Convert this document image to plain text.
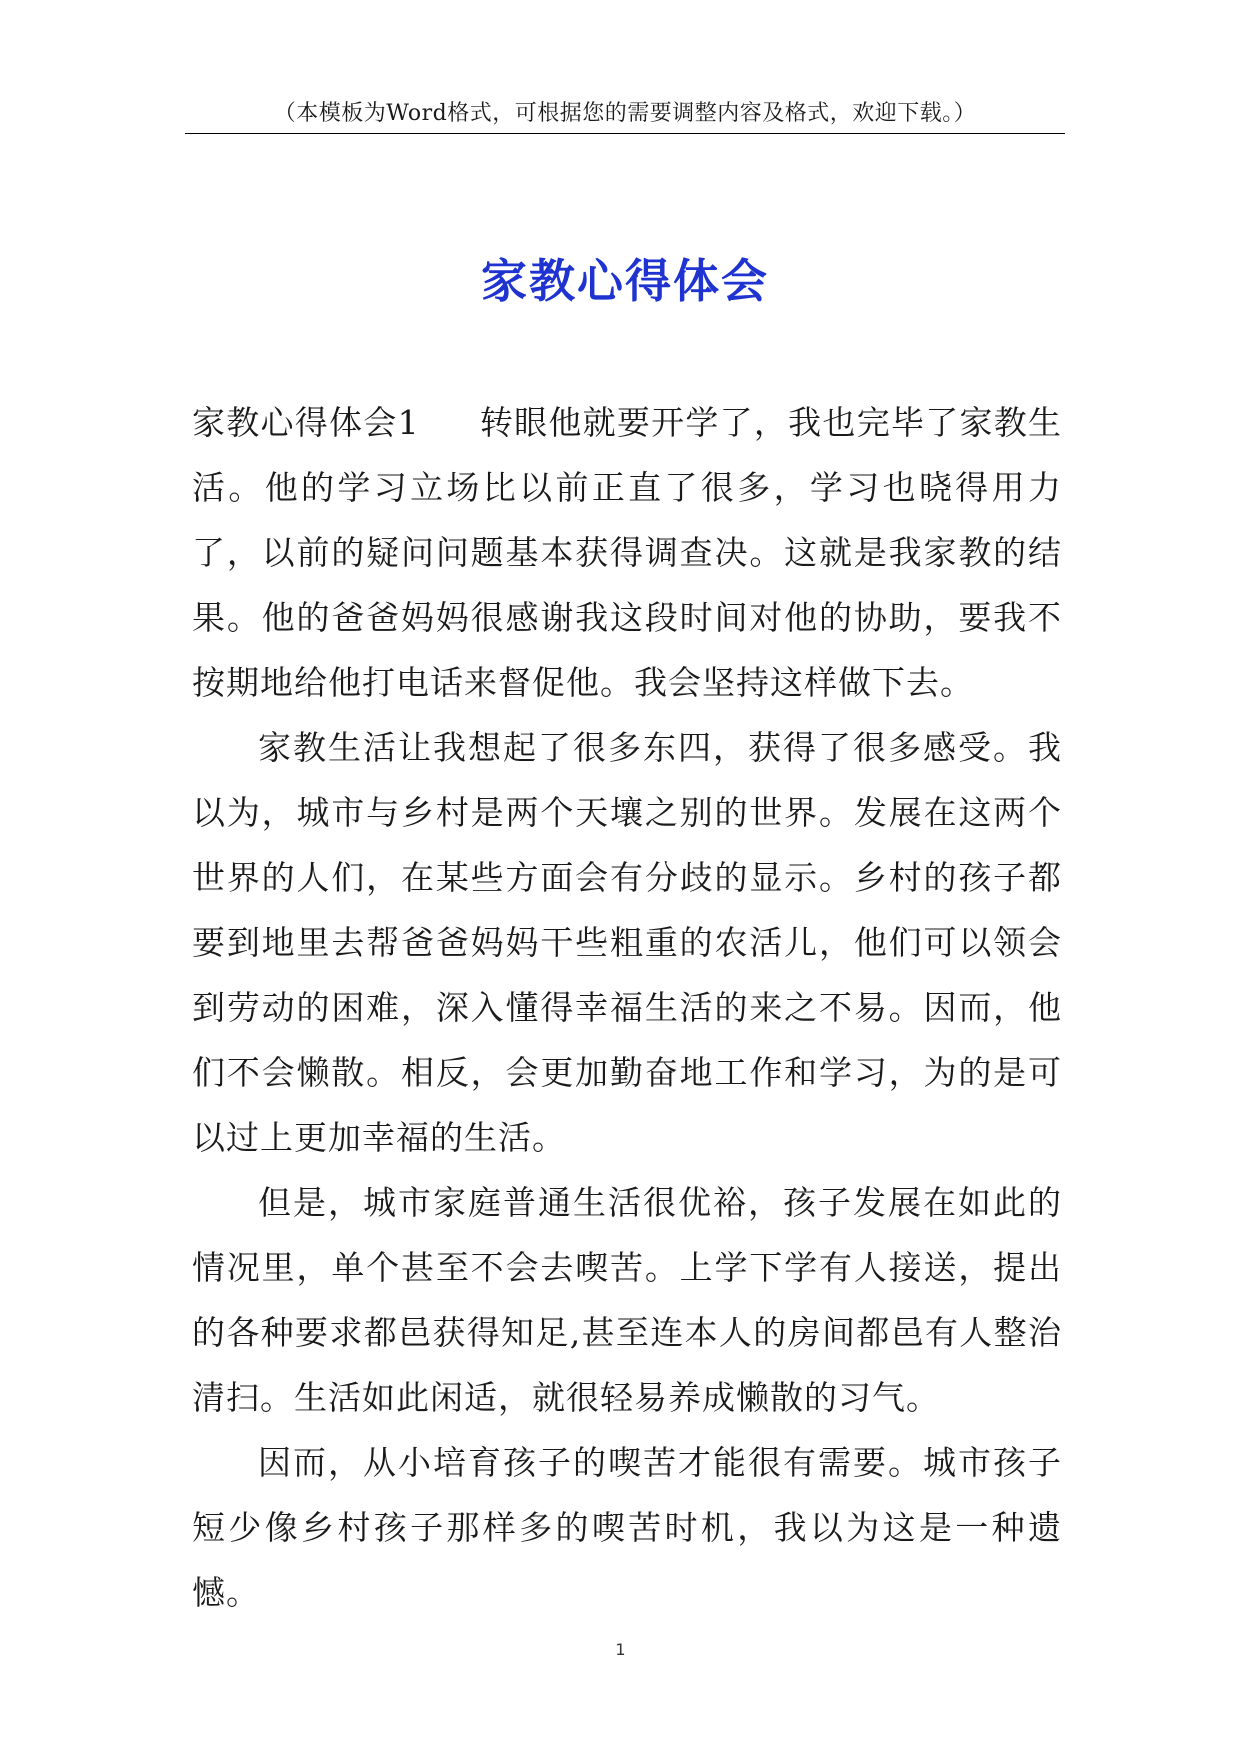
（本模板为Word格式，可根据您的需要调整内容及格式，欢迎下载。）
家教心得体会

家教心得体会1 转眼他就要开学了，我也完毕了家教生活。他的学习立场比以前正直了很多，学习也晓得用力了，以前的疑问问题基本获得调查决。这就是我家教的结果。他的爸爸妈妈很感谢我这段时间对他的协助，要我不按期地给他打电话来督促他。我会坚持这样做下去。

家教生活让我想起了很多东四，获得了很多感受。我以为，城市与乡村是两个天壤之别的世界。发展在这两个世界的人们，在某些方面会有分歧的显示。乡村的孩子都要到地里去帮爸爸妈妈干些粗重的农活儿，他们可以领会到劳动的困难，深入懂得幸福生活的来之不易。因而，他们不会懒散。相反，会更加勤奋地工作和学习，为的是可以过上更加幸福的生活。

但是，城市家庭普通生活很优裕，孩子发展在如此的情况里，单个甚至不会去喫苦。上学下学有人接送，提出的各种要求都邑获得知足,甚至连本人的房间都邑有人整治清扫。生活如此闲适，就很轻易养成懒散的习气。

因而，从小培育孩子的喫苦才能很有需要。城市孩子短少像乡村孩子那样多的喫苦时机，我以为这是一种遗憾。

1
